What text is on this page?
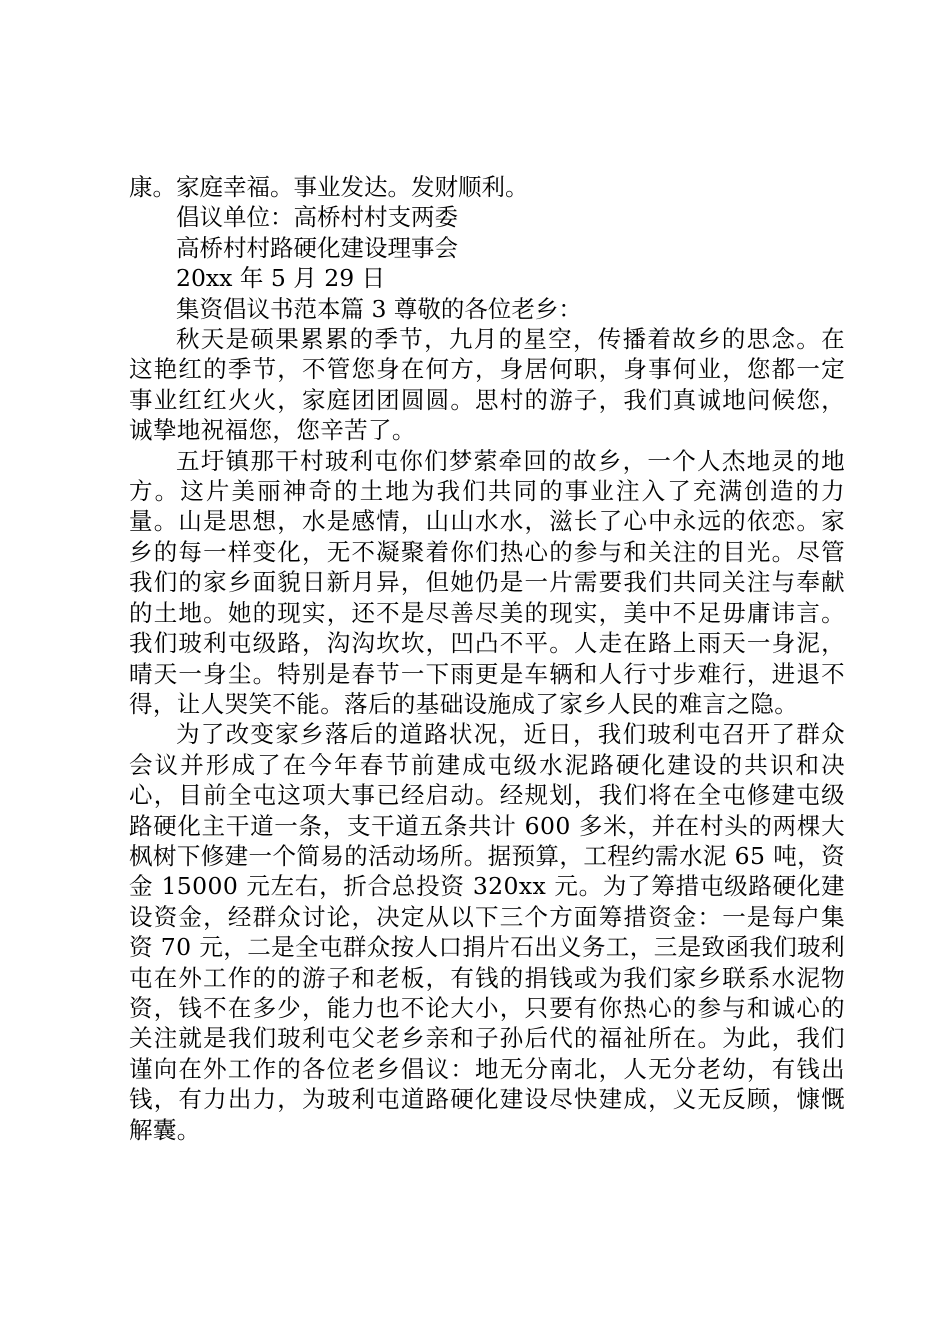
康。家庭幸福。事业发达。发财顺利。
倡议单位：高桥村村支两委
高桥村村路硬化建设理事会
20xx 年 5 月 29 日
集资倡议书范本篇 3 尊敬的各位老乡：

秋天是硕果累累的季节，九月的星空，传播着故乡的思念。在这艳红的季节，不管您身在何方，身居何职，身事何业，您都一定事业红红火火，家庭团团圆圆。思村的游子，我们真诚地问候您，诚挚地祝福您，您辛苦了。

五圩镇那干村玻利屯你们梦萦牵回的故乡，一个人杰地灵的地方。这片美丽神奇的土地为我们共同的事业注入了充满创造的力量。山是思想，水是感情，山山水水，滋长了心中永远的依恋。家乡的每一样变化，无不凝聚着你们热心的参与和关注的目光。尽管我们的家乡面貌日新月异，但她仍是一片需要我们共同关注与奉献的土地。她的现实，还不是尽善尽美的现实，美中不足毋庸讳言。我们玻利屯级路，沟沟坎坎，凹凸不平。人走在路上雨天一身泥，晴天一身尘。特别是春节一下雨更是车辆和人行寸步难行，进退不得，让人哭笑不能。落后的基础设施成了家乡人民的难言之隐。

为了改变家乡落后的道路状况，近日，我们玻利屯召开了群众会议并形成了在今年春节前建成屯级水泥路硬化建设的共识和决心，目前全屯这项大事已经启动。经规划，我们将在全屯修建屯级路硬化主干道一条，支干道五条共计 600 多米，并在村头的两棵大枫树下修建一个简易的活动场所。据预算，工程约需水泥 65 吨，资金 15000 元左右，折合总投资 320xx 元。为了筹措屯级路硬化建设资金，经群众讨论，决定从以下三个方面筹措资金：一是每户集资 70 元，二是全屯群众按人口捐片石出义务工，三是致函我们玻利屯在外工作的的游子和老板，有钱的捐钱或为我们家乡联系水泥物资，钱不在多少，能力也不论大小，只要有你热心的参与和诚心的关注就是我们玻利屯父老乡亲和子孙后代的福祉所在。为此，我们谨向在外工作的各位老乡倡议：地无分南北，人无分老幼，有钱出钱，有力出力，为玻利屯道路硬化建设尽快建成，义无反顾，慷慨解囊。
